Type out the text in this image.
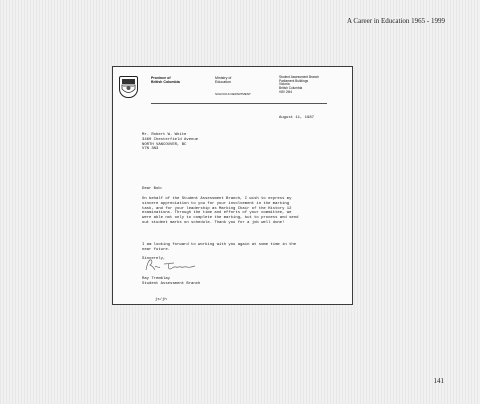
A Career in Education 1965 - 1999
Province of
British Columbia
Ministry of
Education
SCHOOLS DEPARTMENT
Student Assessment Branch
Parliament Buildings
Victoria
British Columbia
V8V 2M4
August 11, 1987
Mr. Robert W. White
3460 Chesterfield Avenue
NORTH VANCOUVER, BC
V7N 3N3
Dear Bob:
On behalf of the Student Assessment Branch, I wish to express my
sincere appreciation to you for your involvement in the marking
task, and for your leadership as Marking Chair of the History 12
examinations. Through the time and efforts of your committee, we
were able not only to complete the marking, but to process and send
out student marks on schedule. Thank you for a job well done!
I am looking forward to working with you again at some time in the
near future.

Sincerely,
Ray Tremblay
Student Assessment Branch
js/jh
141
